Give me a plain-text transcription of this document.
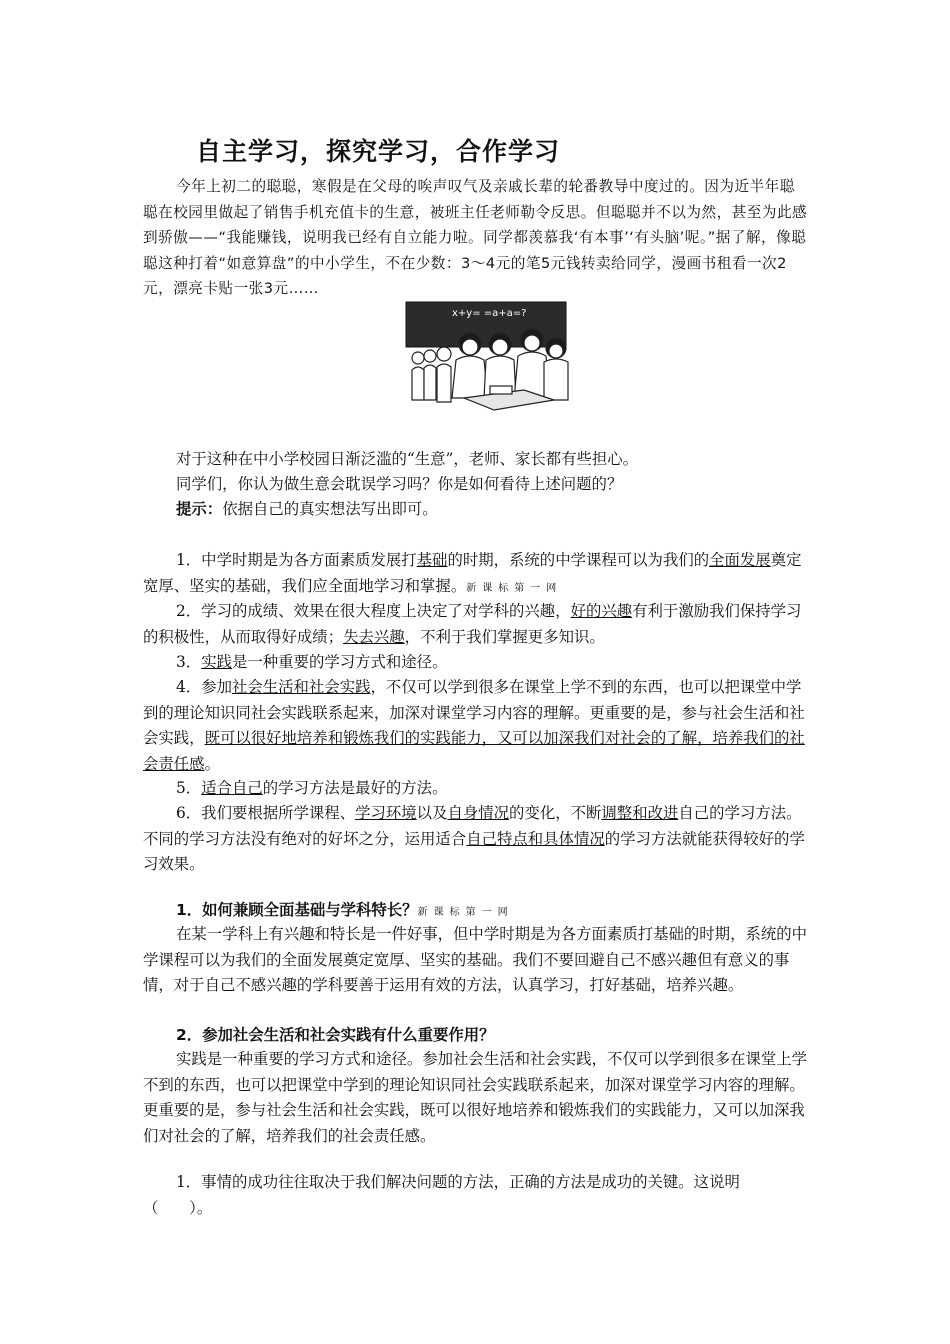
自主学习，探究学习，合作学习

今年上初二的聪聪，寒假是在父母的唉声叹气及亲戚长辈的轮番教导中度过的。因为近半年聪聪在校园里做起了销售手机充值卡的生意，被班主任老师勒令反思。但聪聪并不以为然，甚至为此感到骄傲——“我能赚钱，说明我已经有自立能力啦。同学都羡慕我‘有本事’‘有头脑’呢。”据了解，像聪聪这种打着“如意算盘”的中小学生，不在少数：3～4元的笔5元钱转卖给同学，漫画书租看一次2元，漂亮卡贴一张3元……

x+y= =a+a=?

对于这种在中小学校园日渐泛滥的“生意”，老师、家长都有些担心。

同学们，你认为做生意会耽误学习吗？你是如何看待上述问题的？

提示：依据自己的真实想法写出即可。

1．中学时期是为各方面素质发展打基础的时期，系统的中学课程可以为我们的全面发展奠定宽厚、坚实的基础，我们应全面地学习和掌握。新课标第一网

2．学习的成绩、效果在很大程度上决定了对学科的兴趣，好的兴趣有利于激励我们保持学习的积极性，从而取得好成绩；失去兴趣，不利于我们掌握更多知识。

3．实践是一种重要的学习方式和途径。

4．参加社会生活和社会实践，不仅可以学到很多在课堂上学不到的东西，也可以把课堂中学到的理论知识同社会实践联系起来，加深对课堂学习内容的理解。更重要的是，参与社会生活和社会实践，既可以很好地培养和锻炼我们的实践能力，又可以加深我们对社会的了解，培养我们的社会责任感。

5．适合自己的学习方法是最好的方法。

6．我们要根据所学课程、学习环境以及自身情况的变化，不断调整和改进自己的学习方法。不同的学习方法没有绝对的好坏之分，运用适合自己特点和具体情况的学习方法就能获得较好的学习效果。

1．如何兼顾全面基础与学科特长？新课标第一网

在某一学科上有兴趣和特长是一件好事，但中学时期是为各方面素质打基础的时期，系统的中学课程可以为我们的全面发展奠定宽厚、坚实的基础。我们不要回避自己不感兴趣但有意义的事情，对于自己不感兴趣的学科要善于运用有效的方法，认真学习，打好基础，培养兴趣。

2．参加社会生活和社会实践有什么重要作用？

实践是一种重要的学习方式和途径。参加社会生活和社会实践，不仅可以学到很多在课堂上学不到的东西，也可以把课堂中学到的理论知识同社会实践联系起来，加深对课堂学习内容的理解。更重要的是，参与社会生活和社会实践，既可以很好地培养和锻炼我们的实践能力，又可以加深我们对社会的了解，培养我们的社会责任感。

1．事情的成功往往取决于我们解决问题的方法，正确的方法是成功的关键。这说明（　　）。
